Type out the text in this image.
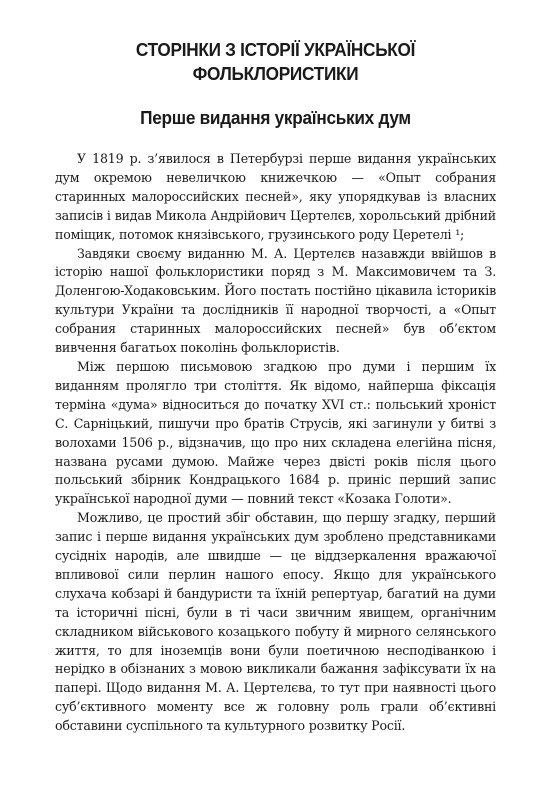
СТОРІНКИ З ІСТОРІЇ УКРАЇНСЬКОЇ ФОЛЬКЛОРИСТИКИ
Перше видання українських дум

У 1819 р. з’явилося в Петербурзі перше видання українських дум окремою невеличкою книжечкою — «Опыт собрания старинных малороссийских песней», яку упорядкував із власних записів і видав Микола Андрійович Цертелєв, хорольський дрібний поміщик, потомок князівського, грузинського роду Церетелі ¹;

Завдяки своєму виданню М. А. Цертелєв назавжди ввійшов в історію нашої фольклористики поряд з М. Максимовичем та З. Доленгою-Ходаковським. Його постать постійно цікавила істориків культури України та дослідників її народної творчості, а «Опыт собрания старинных малороссийских песней» був об’єктом вивчення багатьох поколінь фольклористів.

Між першою письмовою згадкою про думи і першим їх виданням пролягло три століття. Як відомо, найперша фіксація терміна «дума» відноситься до початку XVI ст.: польський хроніст С. Сарніцький, пишучи про братів Струсів, які загинули у битві з волохами 1506 р., відзначив, що про них складена елегійна пісня, названа русами думою. Майже через двісті років після цього польський збірник Кондрацького 1684 р. приніс перший запис української народної думи — повний текст «Козака Голоти».

Можливо, це простий збіг обставин, що першу згадку, перший запис і перше видання українських дум зроблено представниками сусідніх народів, але швидше — це віддзеркалення вражаючої впливової сили перлин нашого епосу. Якщо для українського слухача кобзарі й бандуристи та їхній репертуар, багатий на думи та історичні пісні, були в ті часи звичним явищем, органічним складником військового козацького побуту й мирного селянського життя, то для іноземців вони були поетичною несподіванкою і нерідко в обізнаних з мовою викликали бажання зафіксувати їх на папері. Щодо видання М. А. Цертелєва, то тут при наявності цього суб’єктивного моменту все ж головну роль грали об’єктивні обставини суспільного та культурного розвитку Росії.
